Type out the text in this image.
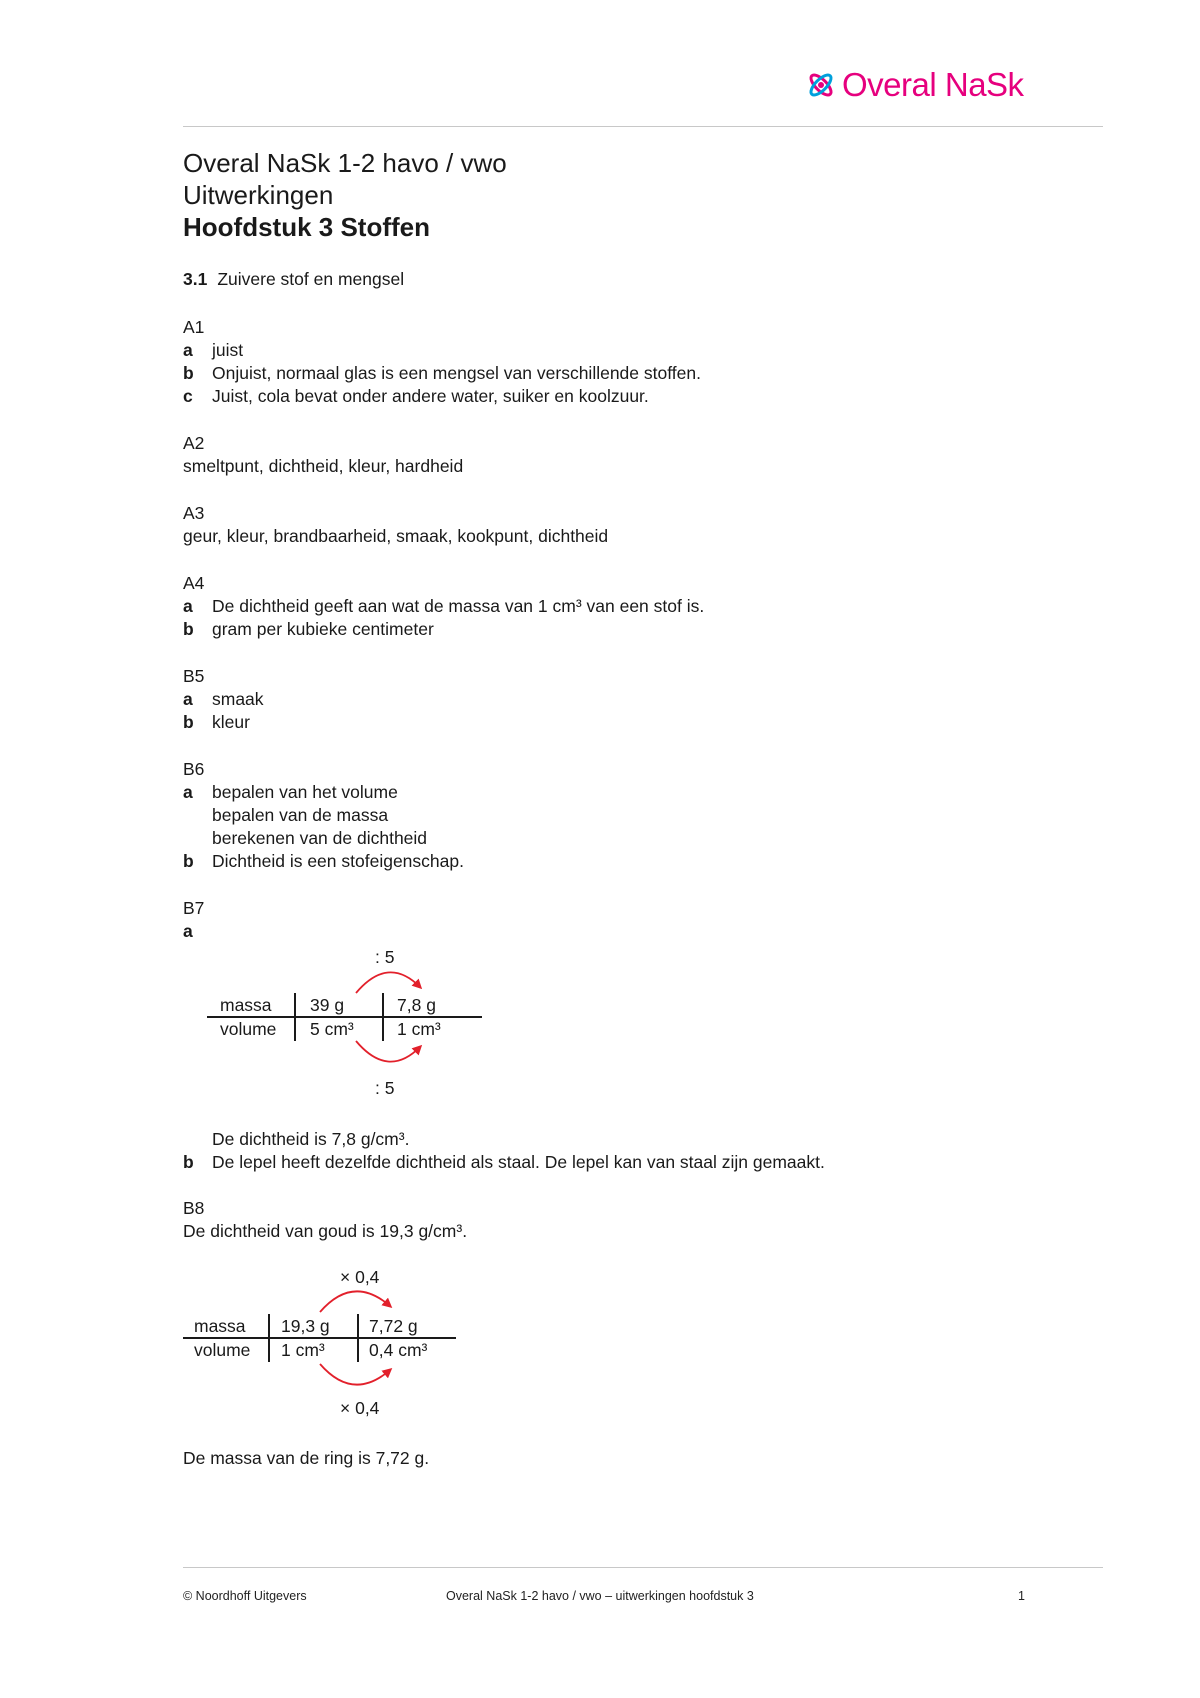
Overal NaSk
Overal NaSk 1-2 havo / vwo
Uitwerkingen
Hoofdstuk 3 Stoffen
3.1 Zuivere stof en mengsel
A1
a juist
b Onjuist, normaal glas is een mengsel van verschillende stoffen.
c Juist, cola bevat onder andere water, suiker en koolzuur.
A2
smeltpunt, dichtheid, kleur, hardheid
A3
geur, kleur, brandbaarheid, smaak, kookpunt, dichtheid
A4
a De dichtheid geeft aan wat de massa van 1 cm³ van een stof is.
b gram per kubieke centimeter
B5
a smaak
b kleur
B6
a bepalen van het volume
bepalen van de massa
berekenen van de dichtheid
b Dichtheid is een stofeigenschap.
B7
a
: 5
massa 39 g	7,8 g
volume 5 cm³ 1 cm³
: 5
De dichtheid is 7,8 g/cm³.
b De lepel heeft dezelfde dichtheid als staal. De lepel kan van staal zijn gemaakt.
B8
De dichtheid van goud is 19,3 g/cm³.
× 0,4
massa 19,3 g 7,72 g
volume 1 cm³	0,4 cm³
× 0,4
De massa van de ring is 7,72 g.
© Noordhoff Uitgevers	Overal NaSk 1-2 havo / vwo – uitwerkingen hoofdstuk 3	1
